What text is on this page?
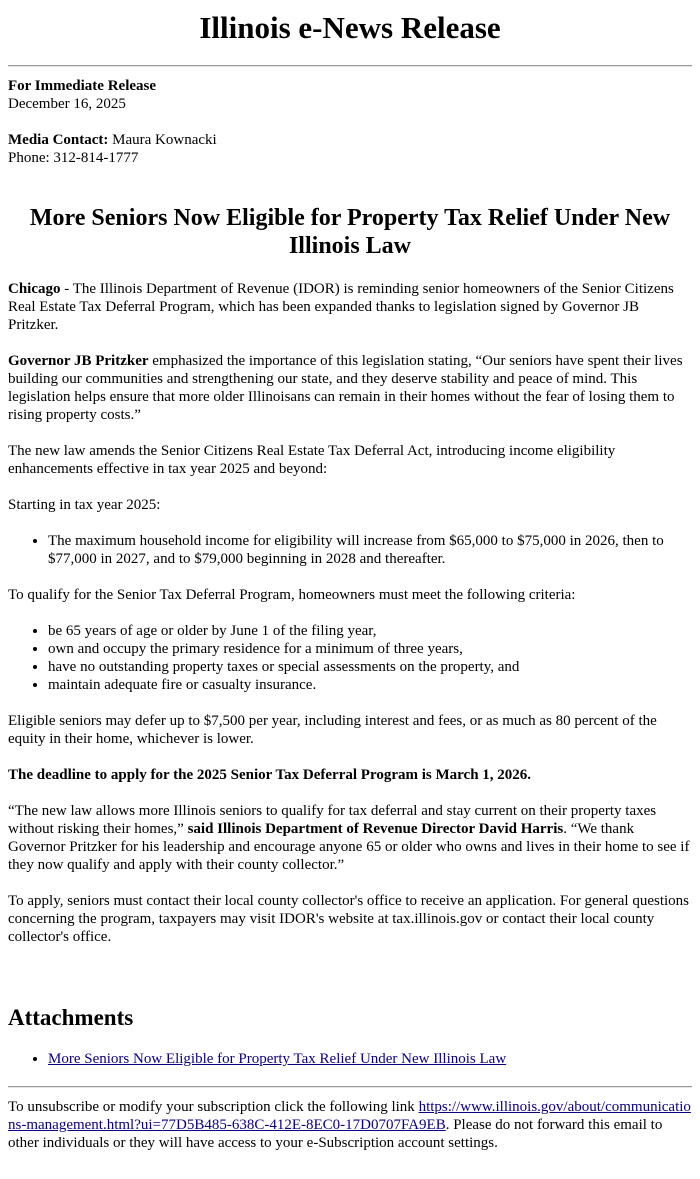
Illinois e-News Release

For Immediate Release

December 16, 2025

Media Contact: Maura Kownacki

Phone: 312-814-1777

More Seniors Now Eligible for Property Tax Relief Under New Illinois Law

Chicago - The Illinois Department of Revenue (IDOR) is reminding senior homeowners of the Senior Citizens Real Estate Tax Deferral Program, which has been expanded thanks to legislation signed by Governor JB Pritzker.

Governor JB Pritzker emphasized the importance of this legislation stating, “Our seniors have spent their lives building our communities and strengthening our state, and they deserve stability and peace of mind. This legislation helps ensure that more older Illinoisans can remain in their homes without the fear of losing them to rising property costs.”

The new law amends the Senior Citizens Real Estate Tax Deferral Act, introducing income eligibility enhancements effective in tax year 2025 and beyond:

Starting in tax year 2025:

• The maximum household income for eligibility will increase from $65,000 to $75,000 in 2026, then to $77,000 in 2027, and to $79,000 beginning in 2028 and thereafter.

To qualify for the Senior Tax Deferral Program, homeowners must meet the following criteria:

• be 65 years of age or older by June 1 of the filing year,
• own and occupy the primary residence for a minimum of three years,
• have no outstanding property taxes or special assessments on the property, and
• maintain adequate fire or casualty insurance.

Eligible seniors may defer up to $7,500 per year, including interest and fees, or as much as 80 percent of the equity in their home, whichever is lower.

The deadline to apply for the 2025 Senior Tax Deferral Program is March 1, 2026.

“The new law allows more Illinois seniors to qualify for tax deferral and stay current on their property taxes without risking their homes,” said Illinois Department of Revenue Director David Harris. “We thank Governor Pritzker for his leadership and encourage anyone 65 or older who owns and lives in their home to see if they now qualify and apply with their county collector.”

To apply, seniors must contact their local county collector's office to receive an application. For general questions concerning the program, taxpayers may visit IDOR's website at tax.illinois.gov or contact their local county collector's office.

Attachments
• More Seniors Now Eligible for Property Tax Relief Under New Illinois Law

To unsubscribe or modify your subscription click the following link https://www.illinois.gov/about/communications-management.html?ui=77D5B485-638C-412E-8EC0-17D0707FA9EB. Please do not forward this email to other individuals or they will have access to your e-Subscription account settings.
